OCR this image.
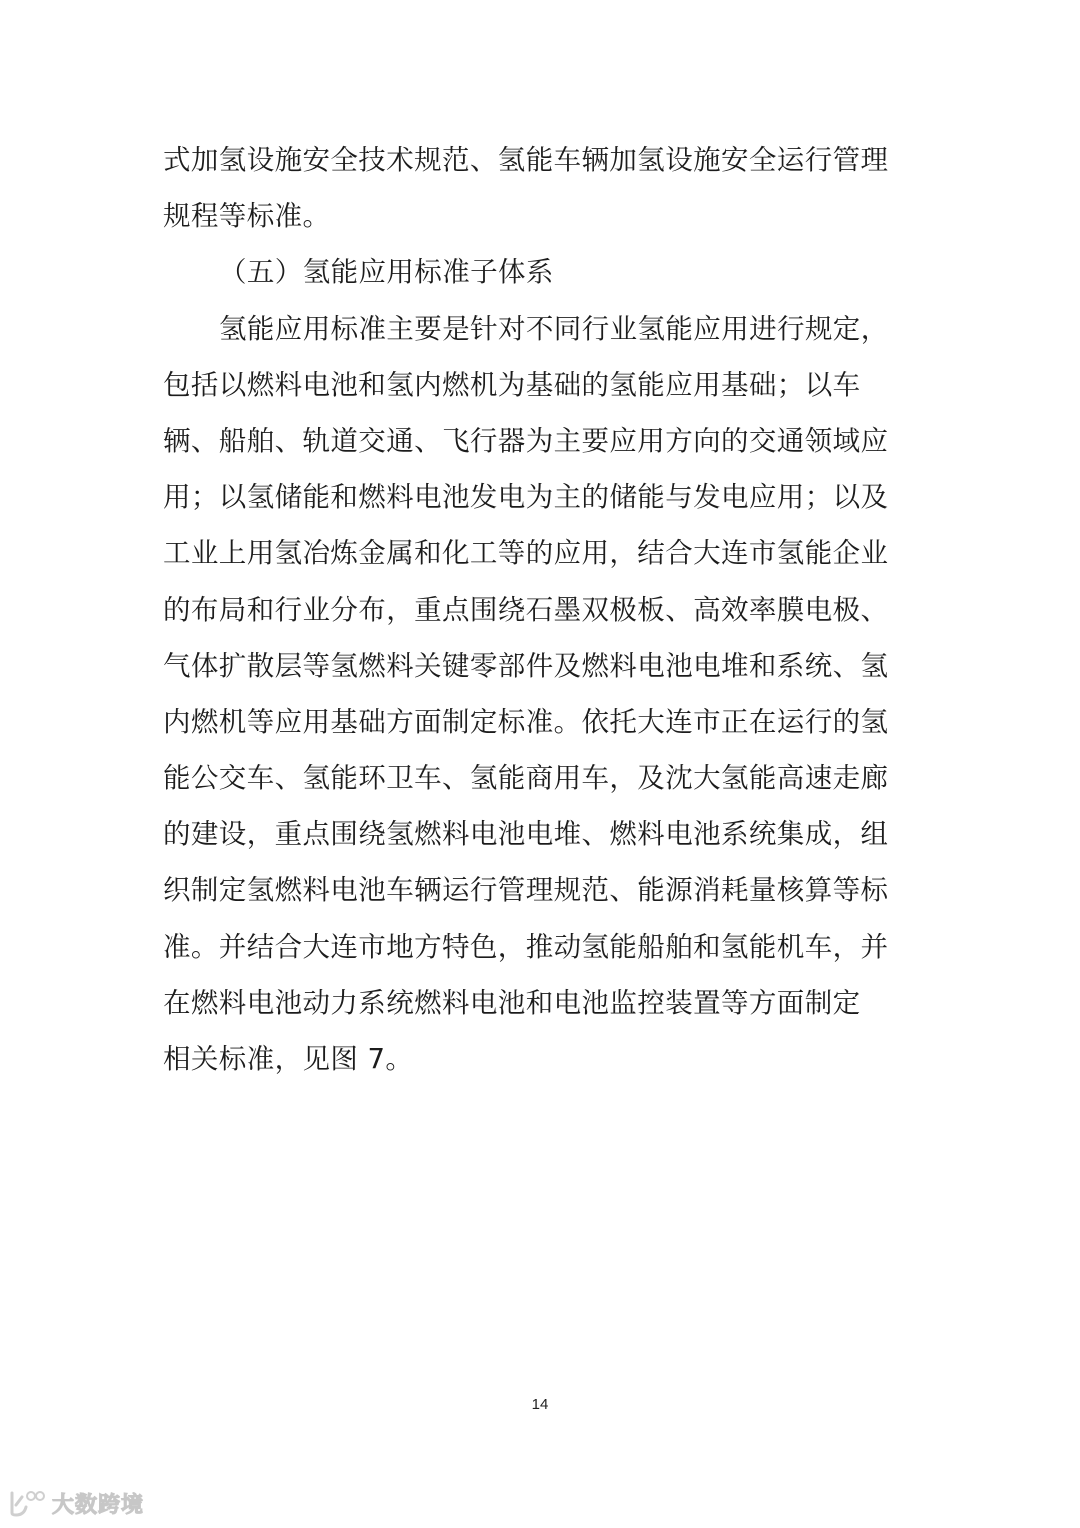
式加氢设施安全技术规范、氢能车辆加氢设施安全运行管理
规程等标准。
（五）氢能应用标准子体系
氢能应用标准主要是针对不同行业氢能应用进行规定，
包括以燃料电池和氢内燃机为基础的氢能应用基础；以车
辆、船舶、轨道交通、飞行器为主要应用方向的交通领域应
用；以氢储能和燃料电池发电为主的储能与发电应用；以及
工业上用氢冶炼金属和化工等的应用，结合大连市氢能企业
的布局和行业分布，重点围绕石墨双极板、高效率膜电极、
气体扩散层等氢燃料关键零部件及燃料电池电堆和系统、氢
内燃机等应用基础方面制定标准。依托大连市正在运行的氢
能公交车、氢能环卫车、氢能商用车，及沈大氢能高速走廊
的建设，重点围绕氢燃料电池电堆、燃料电池系统集成，组
织制定氢燃料电池车辆运行管理规范、能源消耗量核算等标
准。并结合大连市地方特色，推动氢能船舶和氢能机车，并
在燃料电池动力系统燃料电池和电池监控装置等方面制定
相关标准，见图 7。
14
大数跨境
